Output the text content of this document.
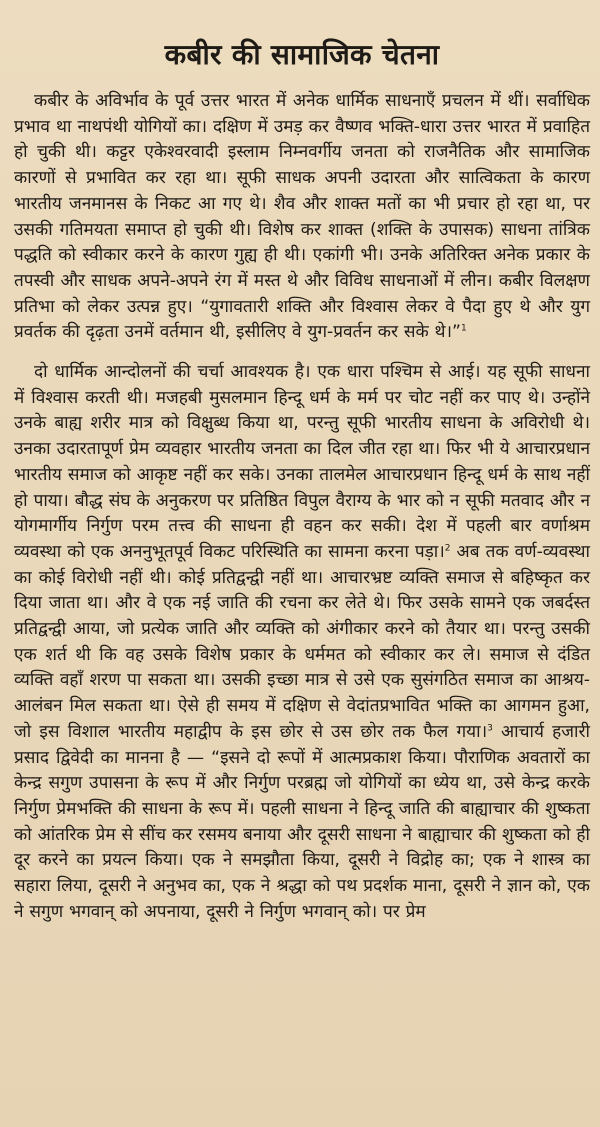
कबीर की सामाजिक चेतना

कबीर के अविर्भाव के पूर्व उत्तर भारत में अनेक धार्मिक साधनाएँ प्रचलन में थीं। सर्वाधिक प्रभाव था नाथपंथी योगियों का। दक्षिण में उमड़ कर वैष्णव भक्ति-धारा उत्तर भारत में प्रवाहित हो चुकी थी। कट्टर एकेश्वरवादी इस्लाम निम्नवर्गीय जनता को राजनैतिक और सामाजिक कारणों से प्रभावित कर रहा था। सूफी साधक अपनी उदारता और सात्विकता के कारण भारतीय जनमानस के निकट आ गए थे। शैव और शाक्त मतों का भी प्रचार हो रहा था, पर उसकी गतिमयता समाप्त हो चुकी थी। विशेष कर शाक्त (शक्ति के उपासक) साधना तांत्रिक पद्धति को स्वीकार करने के कारण गुह्य ही थी। एकांगी भी। उनके अतिरिक्त अनेक प्रकार के तपस्वी और साधक अपने-अपने रंग में मस्त थे और विविध साधनाओं में लीन। कबीर विलक्षण प्रतिभा को लेकर उत्पन्न हुए। “युगावतारी शक्ति और विश्वास लेकर वे पैदा हुए थे और युग प्रवर्तक की दृढ़ता उनमें वर्तमान थी, इसीलिए वे युग-प्रवर्तन कर सके थे।”$^1$

दो धार्मिक आन्दोलनों की चर्चा आवश्यक है। एक धारा पश्चिम से आई। यह सूफी साधना में विश्वास करती थी। मजहबी मुसलमान हिन्दू धर्म के मर्म पर चोट नहीं कर पाए थे। उन्होंने उनके बाह्य शरीर मात्र को विक्षुब्ध किया था, परन्तु सूफी भारतीय साधना के अविरोधी थे। उनका उदारतापूर्ण प्रेम व्यवहार भारतीय जनता का दिल जीत रहा था। फिर भी ये आचारप्रधान भारतीय समाज को आकृष्ट नहीं कर सके। उनका तालमेल आचारप्रधान हिन्दू धर्म के साथ नहीं हो पाया। बौद्ध संघ के अनुकरण पर प्रतिष्ठित विपुल वैराग्य के भार को न सूफी मतवाद और न योगमार्गीय निर्गुण परम तत्त्व की साधना ही वहन कर सकी। देश में पहली बार वर्णाश्रम व्यवस्था को एक अननुभूतपूर्व विकट परिस्थिति का सामना करना पड़ा।$^2$ अब तक वर्ण-व्यवस्था का कोई विरोधी नहीं थी। कोई प्रतिद्वन्द्वी नहीं था। आचारभ्रष्ट व्यक्ति समाज से बहिष्कृत कर दिया जाता था। और वे एक नई जाति की रचना कर लेते थे। फिर उसके सामने एक जबर्दस्त प्रतिद्वन्द्वी आया, जो प्रत्येक जाति और व्यक्ति को अंगीकार करने को तैयार था। परन्तु उसकी एक शर्त थी कि वह उसके विशेष प्रकार के धर्ममत को स्वीकार कर ले। समाज से दंडित व्यक्ति वहाँ शरण पा सकता था। उसकी इच्छा मात्र से उसे एक सुसंगठित समाज का आश्रय-आलंबन मिल सकता था। ऐसे ही समय में दक्षिण से वेदांतप्रभावित भक्ति का आगमन हुआ, जो इस विशाल भारतीय महाद्वीप के इस छोर से उस छोर तक फैल गया।$^3$ आचार्य हजारी प्रसाद द्विवेदी का मानना है — “इसने दो रूपों में आत्मप्रकाश किया। पौराणिक अवतारों का केन्द्र सगुण उपासना के रूप में और निर्गुण परब्रह्म जो योगियों का ध्येय था, उसे केन्द्र करके निर्गुण प्रेमभक्ति की साधना के रूप में। पहली साधना ने हिन्दू जाति की बाह्याचार की शुष्कता को आंतरिक प्रेम से सींच कर रसमय बनाया और दूसरी साधना ने बाह्याचार की शुष्कता को ही दूर करने का प्रयत्न किया। एक ने समझौता किया, दूसरी ने विद्रोह का; एक ने शास्त्र का सहारा लिया, दूसरी ने अनुभव का, एक ने श्रद्धा को पथ प्रदर्शक माना, दूसरी ने ज्ञान को, एक ने सगुण भगवान् को अपनाया, दूसरी ने निर्गुण भगवान् को। पर प्रेम
